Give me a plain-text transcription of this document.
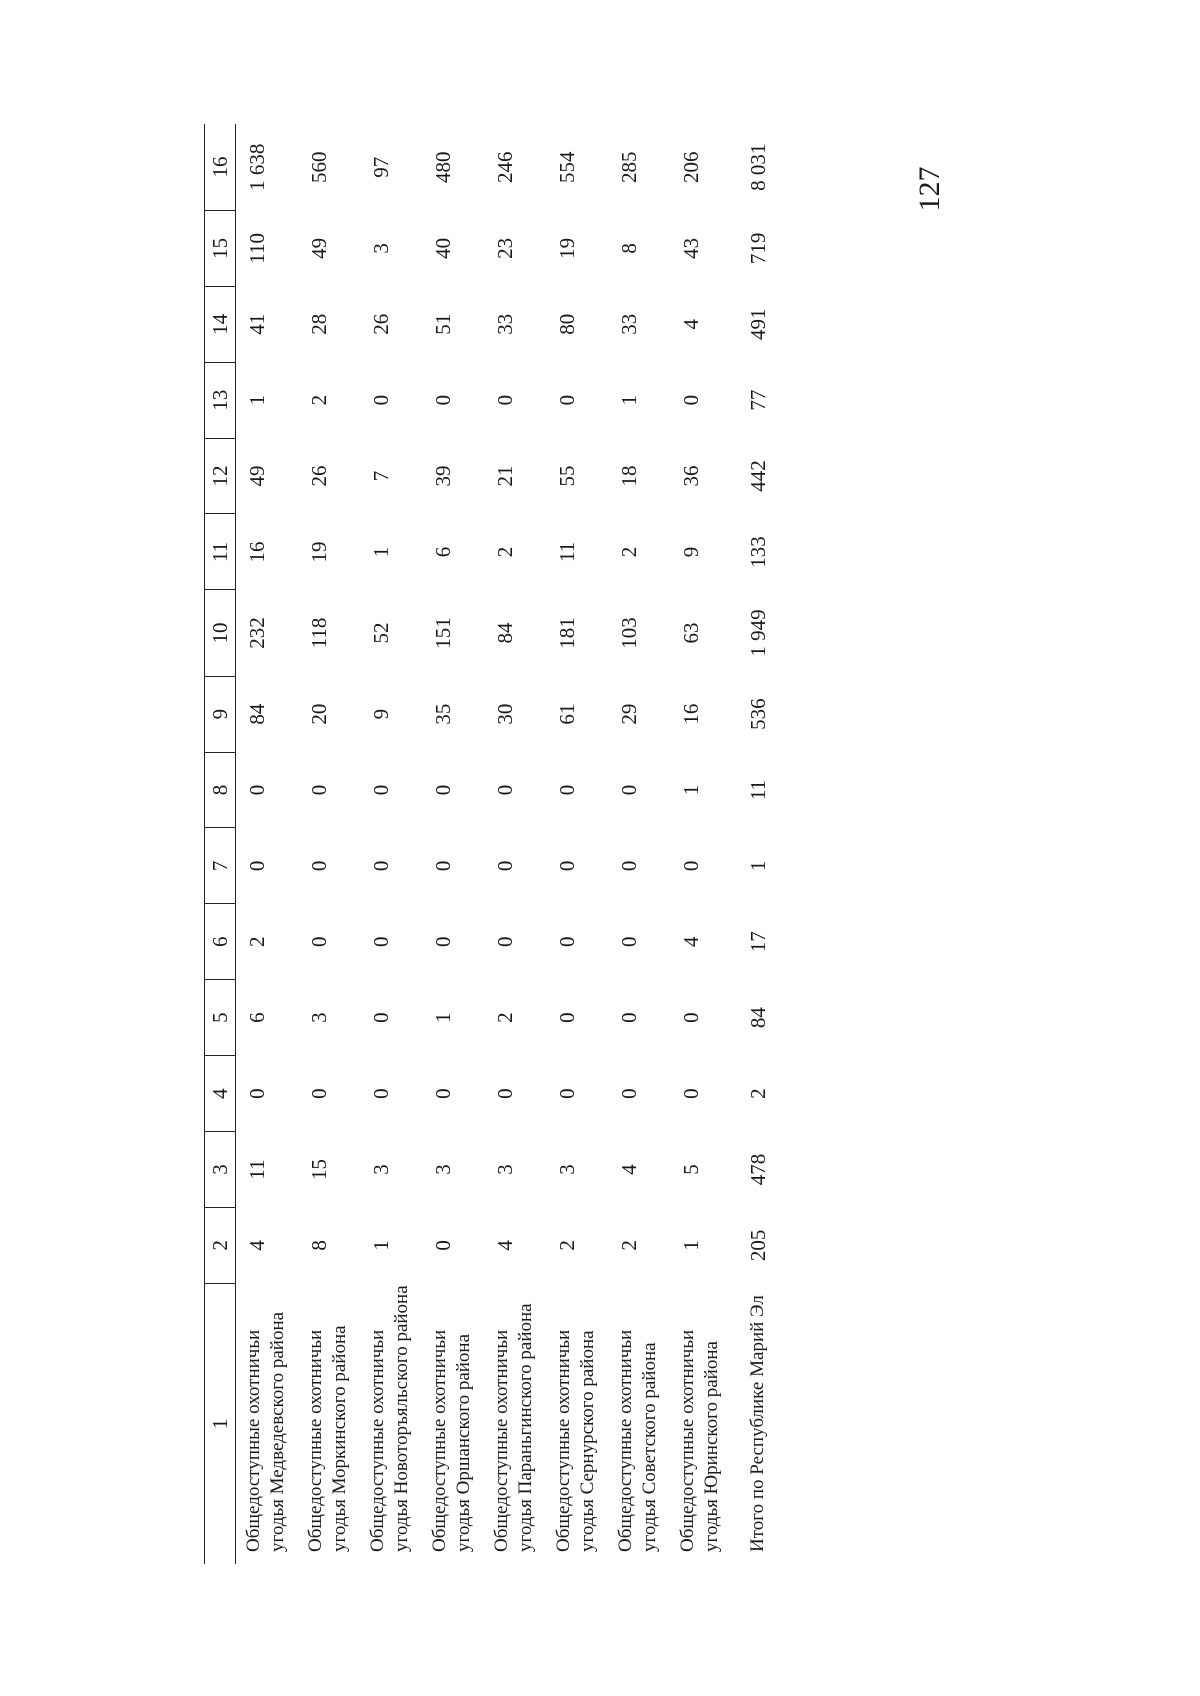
127
1	2	3	4	5	6	7	8	9	10	11	12	13	14	15	16
Общедоступные охотничьи угодья Медведевского района	4	11	0	6	2	0	0	84	232	16	49	1	41	110	1 638
Общедоступные охотничьи угодья Моркинского района	8	15	0	3	0	0	0	20	118	19	26	2	28	49	560
Общедоступные охотничьи угодья Новоторъяльского района	1	3	0	0	0	0	0	9	52	1	7	0	26	3	97
Общедоступные охотничьи угодья Оршанского района	0	3	0	1	0	0	0	35	151	6	39	0	51	40	480
Общедоступные охотничьи угодья Параньгинского района	4	3	0	2	0	0	0	30	84	2	21	0	33	23	246
Общедоступные охотничьи угодья Сернурского района	2	3	0	0	0	0	0	61	181	11	55	0	80	19	554
Общедоступные охотничьи угодья Советского района	2	4	0	0	0	0	0	29	103	2	18	1	33	8	285
Общедоступные охотничьи угодья Юринского района	1	5	0	0	4	0	1	16	63	9	36	0	4	43	206
Итого по Республике Марий Эл	205	478	2	84	17	1	11	536	1 949	133	442	77	491	719	8 031
